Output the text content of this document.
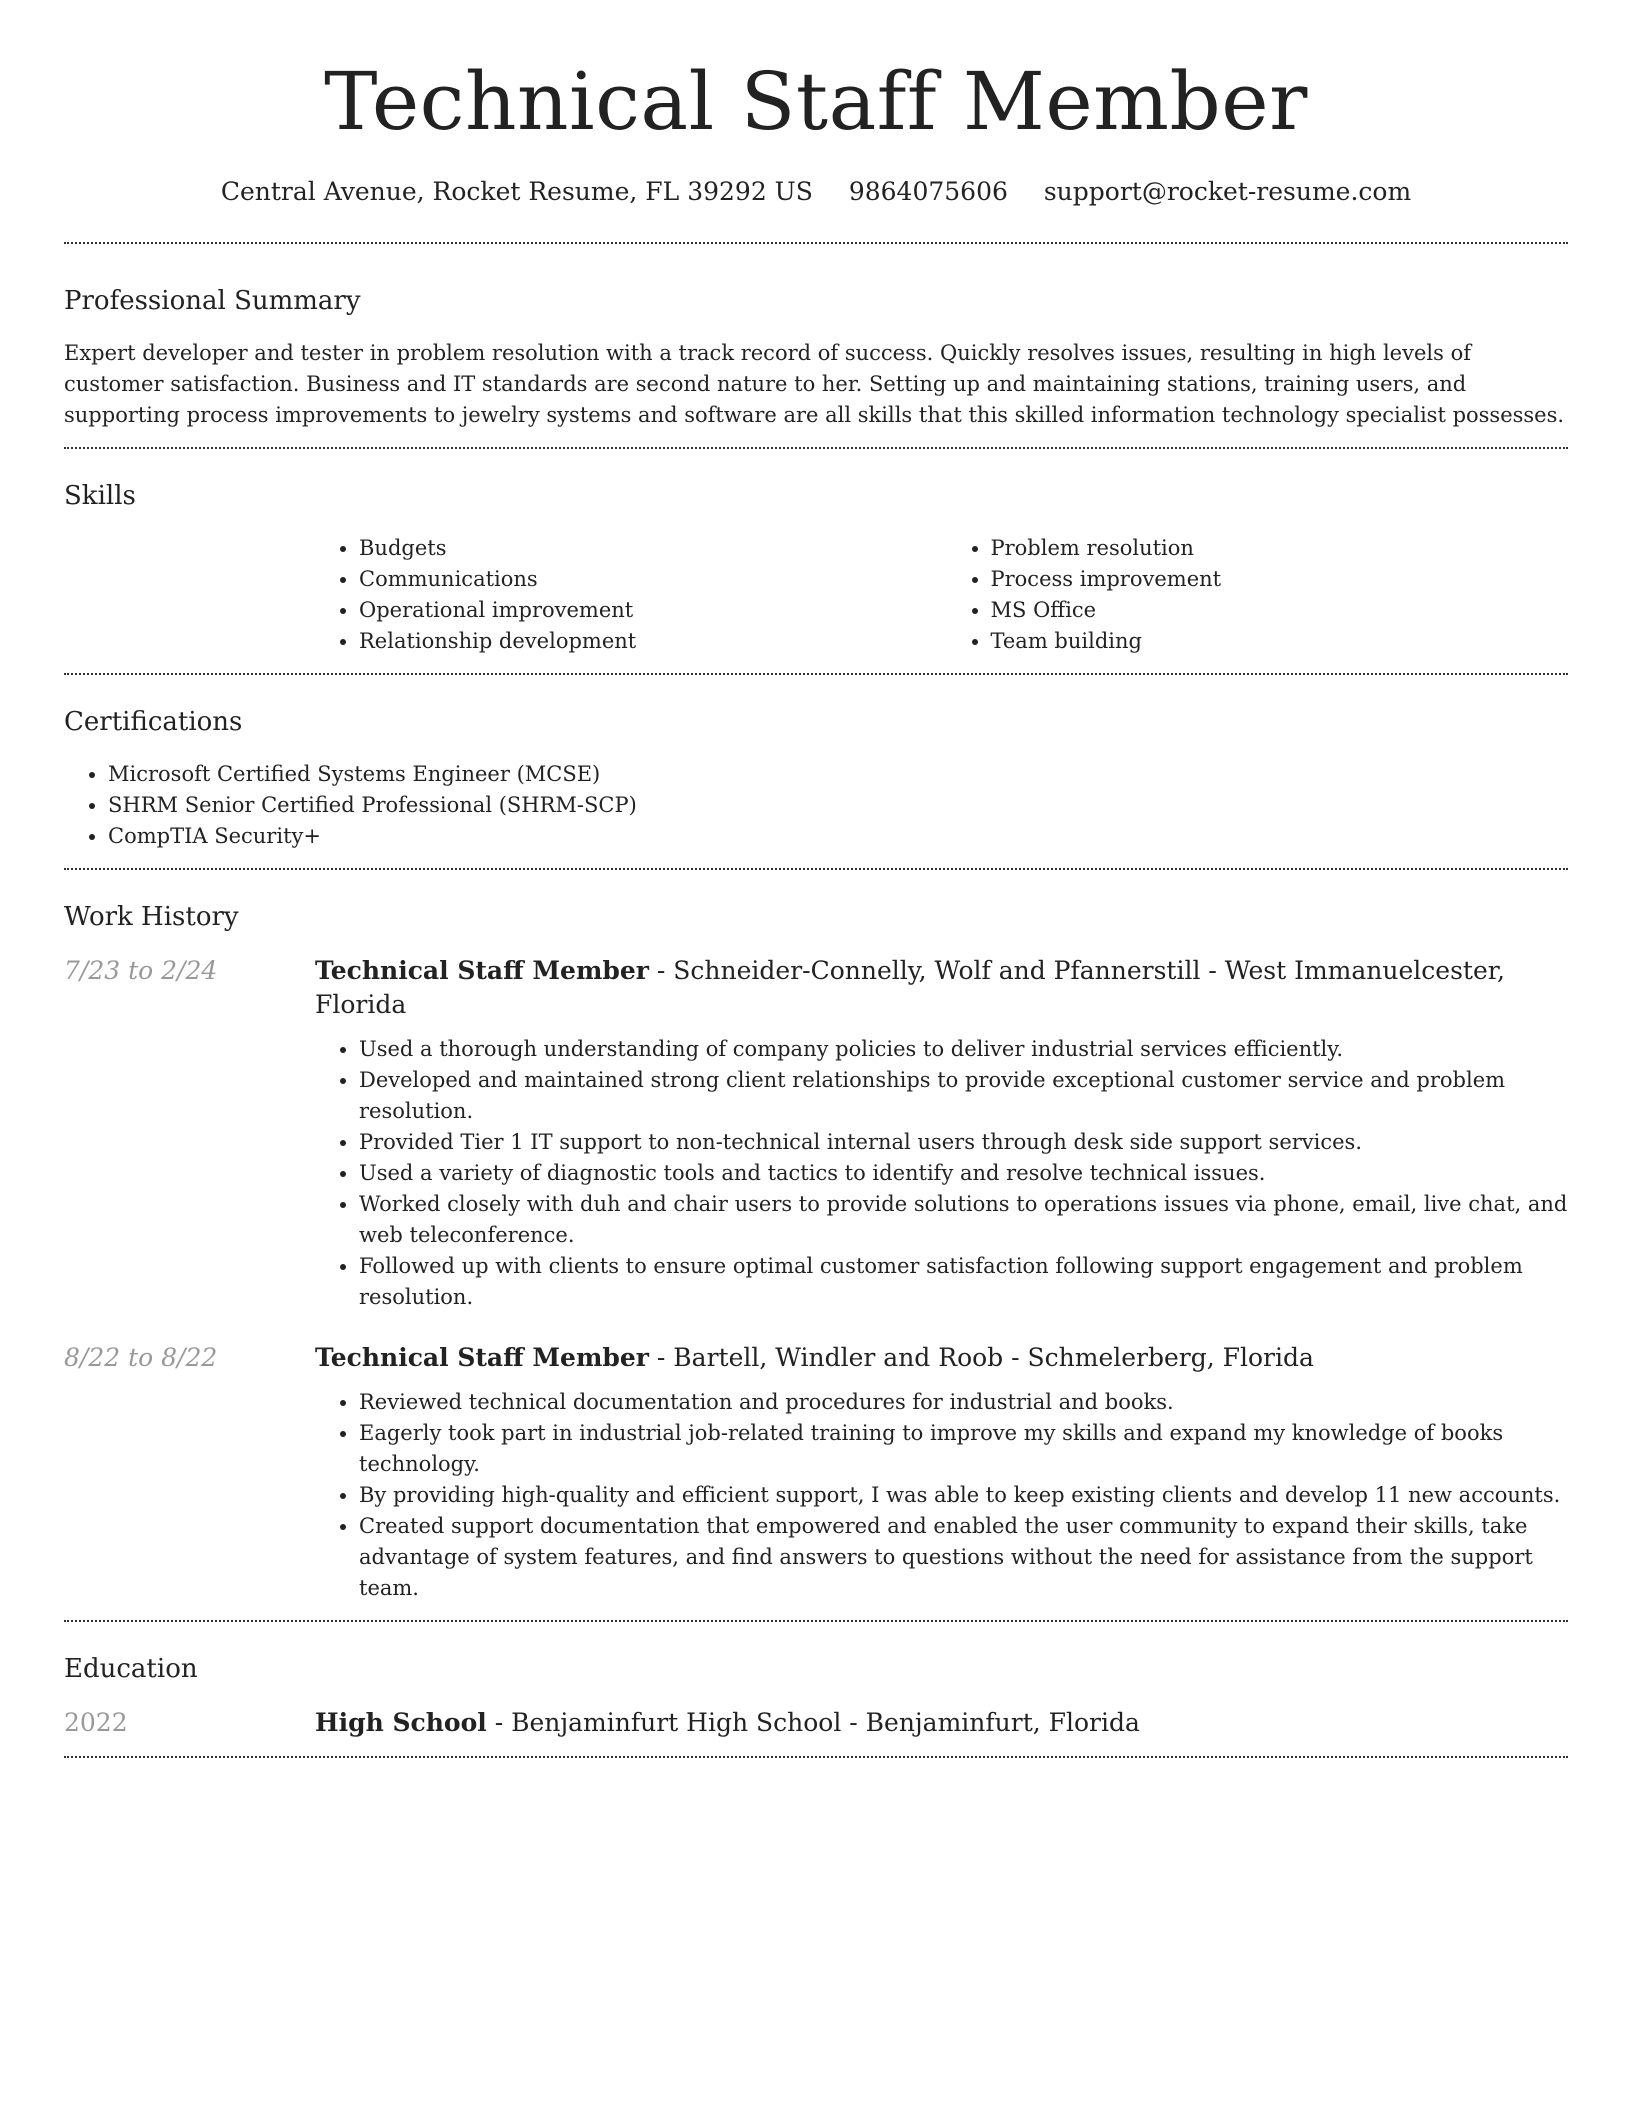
Technical Staff Member
Central Avenue, Rocket Resume, FL 39292 US 9864075606 support@rocket-resume.com
Professional Summary

Expert developer and tester in problem resolution with a track record of success. Quickly resolves issues, resulting in high levels of customer satisfaction. Business and IT standards are second nature to her. Setting up and maintaining stations, training users, and supporting process improvements to jewelry systems and software are all skills that this skilled information technology specialist possesses.

Skills
• Budgets
• Communications
• Operational improvement
• Relationship development
• Problem resolution
• Process improvement
• MS Office
• Team building
Certifications
• Microsoft Certified Systems Engineer (MCSE)
• SHRM Senior Certified Professional (SHRM-SCP)
• CompTIA Security+
Work History
7/23 to 2/24	Technical Staff Member - Schneider-Connelly, Wolf and Pfannerstill - West Immanuelcester, Florida
• Used a thorough understanding of company policies to deliver industrial services efficiently.
• Developed and maintained strong client relationships to provide exceptional customer service and problem resolution.
• Provided Tier 1 IT support to non-technical internal users through desk side support services.
• Used a variety of diagnostic tools and tactics to identify and resolve technical issues.
• Worked closely with duh and chair users to provide solutions to operations issues via phone, email, live chat, and web teleconference.
• Followed up with clients to ensure optimal customer satisfaction following support engagement and problem resolution.
8/22 to 8/22	Technical Staff Member - Bartell, Windler and Roob - Schmelerberg, Florida
• Reviewed technical documentation and procedures for industrial and books.
• Eagerly took part in industrial job-related training to improve my skills and expand my knowledge of books technology.
• By providing high-quality and efficient support, I was able to keep existing clients and develop 11 new accounts.
• Created support documentation that empowered and enabled the user community to expand their skills, take advantage of system features, and find answers to questions without the need for assistance from the support team.
Education
2022	High School - Benjaminfurt High School - Benjaminfurt, Florida
